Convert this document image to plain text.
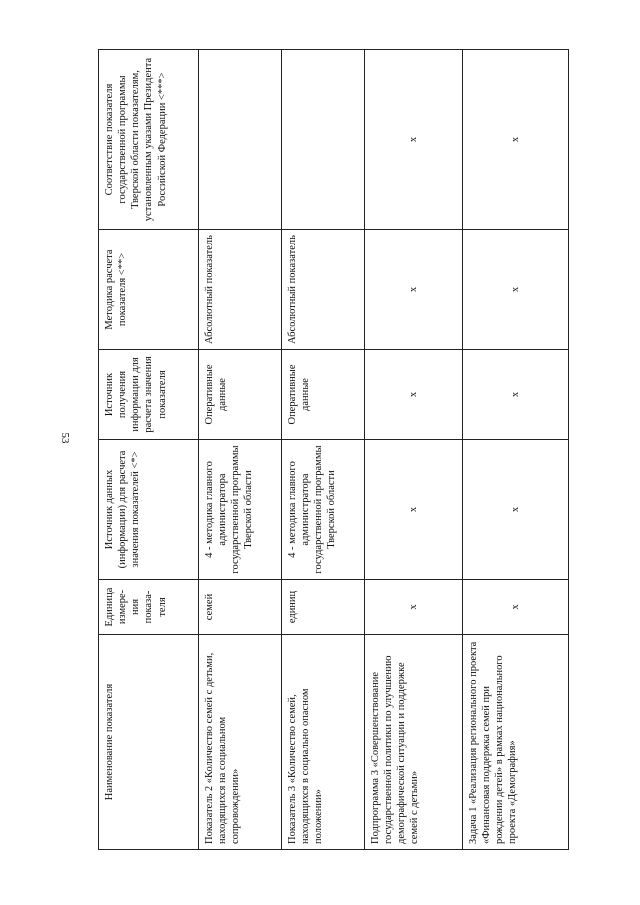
53
Наименование показателя	Единица измере-ния показа-теля	Источник данных (информации) для расчета значения показателей <*>	Источник получения информации для расчета значения показателя	Методика расчета показателя <**>	Соответствие показателя государственной программы Тверской области показателям, установленным указами Президента Российской Федерации <***>
Показатель 2 «Количество семей с детьми, находящихся на социальном сопровождении»	семей	4 - методика главного администратора государственной программы Тверской области	Оперативные данные	Абсолютный показатель	
Показатель 3 «Количество семей, находящихся в социально опасном положении»	единиц	4 - методика главного администратора государственной программы Тверской области	Оперативные данные	Абсолютный показатель	
Подпрограмма 3 «Совершенствование государственной политики по улучшению демографической ситуации и поддержке семей с детьми»	х	х	х	х	х
Задача 1 «Реализация регионального проекта «Финансовая поддержка семей при рождении детей» в рамках национального проекта «Демография»	х	х	х	х	х
